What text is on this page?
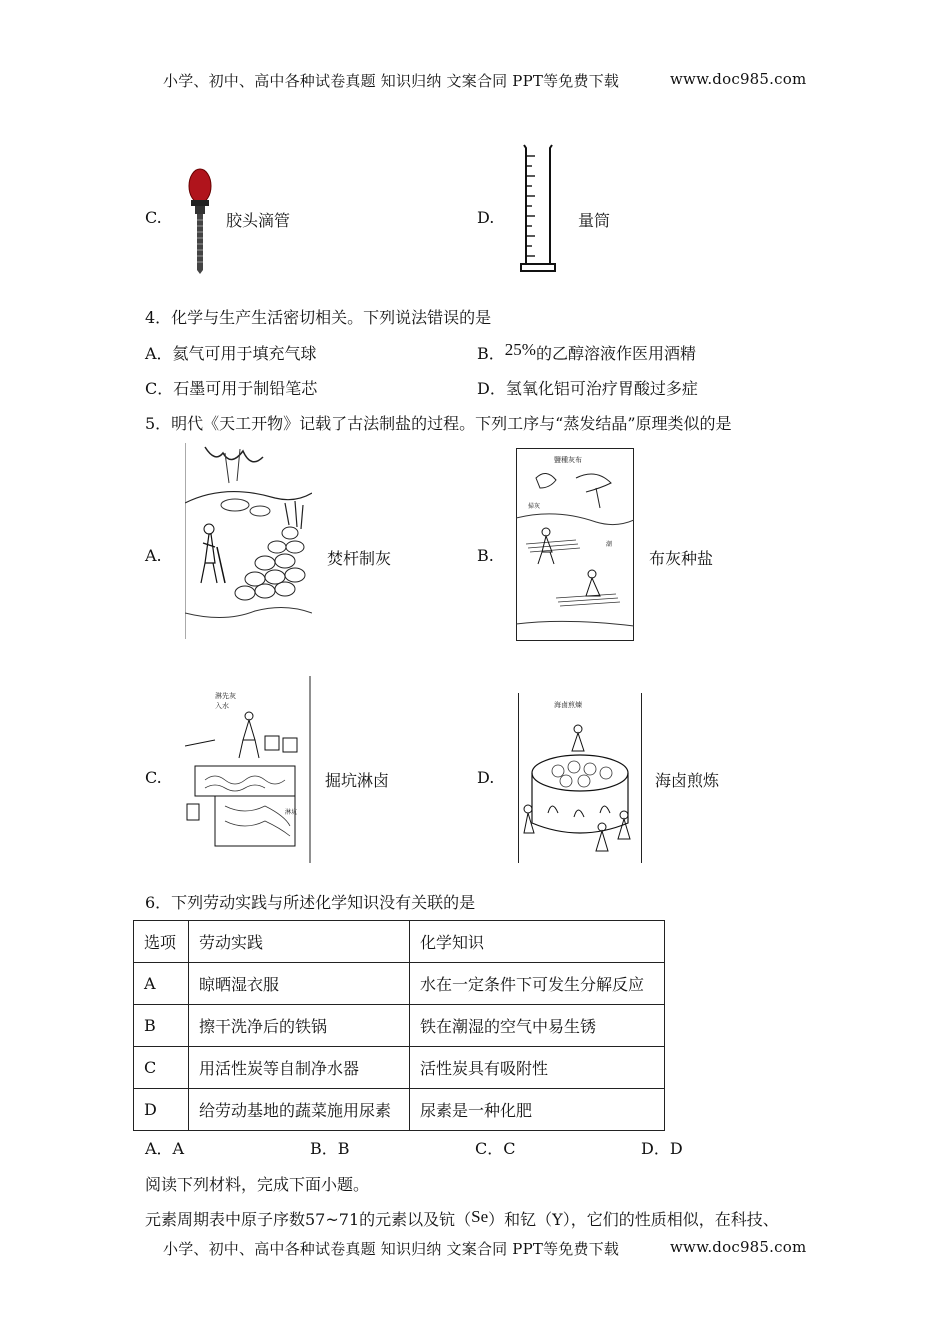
小学、初中、高中各种试卷真题 知识归纳 文案合同 PPT等免费下载	www.doc985.com
C.	胶头滴管	D.	量筒
4．化学与生产生活密切相关。下列说法错误的是
A．氦气可用于填充气球	B．25%的乙醇溶液作医用酒精
C．石墨可用于制铅笔芯	D．氢氧化铝可治疗胃酸过多症
5．明代《天工开物》记载了古法制盐的过程。下列工序与“蒸发结晶”原理类似的是
A.	焚杆制灰	B.
鹽種灰布
掃灰
潮
布灰种盐
C.
淋先灰
入水
淋坑
掘坑淋卤	D.
海鹵煎煉
海卤煎炼
6．下列劳动实践与所述化学知识没有关联的是
选项	劳动实践	化学知识
A	晾晒湿衣服	水在一定条件下可发生分解反应
B	擦干洗净后的铁锅	铁在潮湿的空气中易生锈
C	用活性炭等自制净水器	活性炭具有吸附性
D	给劳动基地的蔬菜施用尿素	尿素是一种化肥
A．A	B．B	C．C	D．D
阅读下列材料，完成下面小题。
元素周期表中原子序数57~71的元素以及钪（Se）和钇（Y），它们的性质相似，在科技、
小学、初中、高中各种试卷真题 知识归纳 文案合同 PPT等免费下载	www.doc985.com
